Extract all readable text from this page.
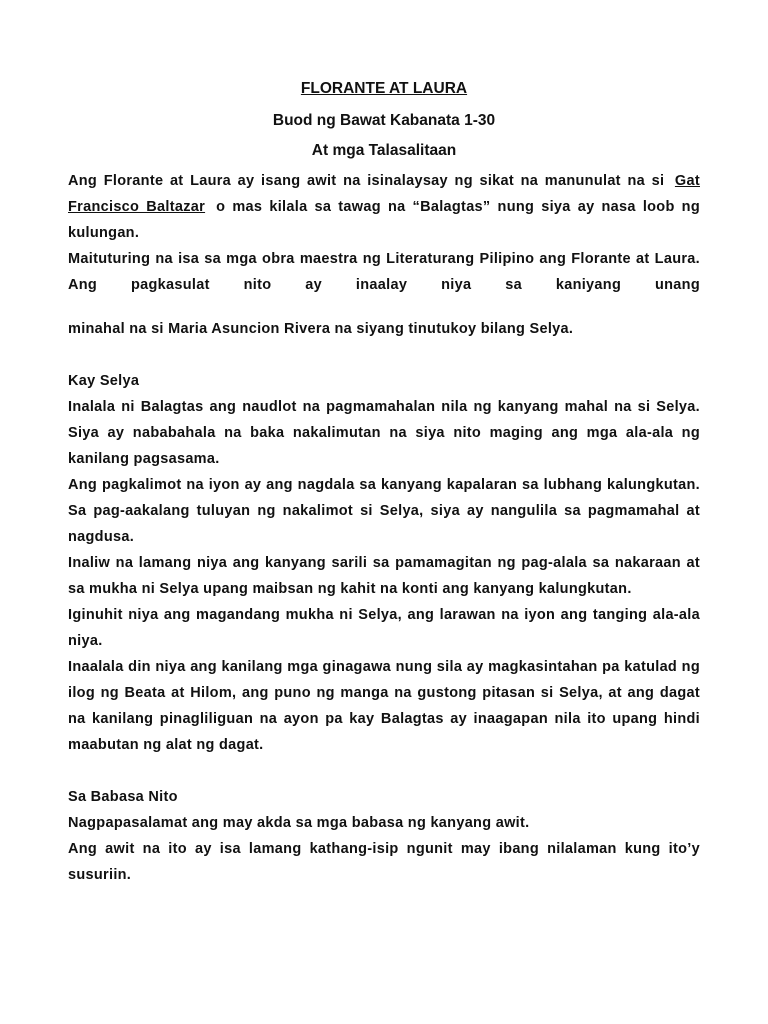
FLORANTE AT LAURA
Buod ng Bawat Kabanata 1-30
At mga Talasalitaan

Ang Florante at Laura ay isang awit na isinalaysay ng sikat na manunulat na si Gat Francisco Baltazar o mas kilala sa tawag na “Balagtas” nung siya ay nasa loob ng kulungan.

Maituturing na isa sa mga obra maestra ng Literaturang Pilipino ang Florante at Laura. Ang pagkasulat nito ay inaalay niya sa kaniyang unang

minahal na si Maria Asuncion Rivera na siyang tinutukoy bilang Selya.

Kay Selya

Inalala ni Balagtas ang naudlot na pagmamahalan nila ng kanyang mahal na si Selya. Siya ay nababahala na baka nakalimutan na siya nito maging ang mga ala-ala ng kanilang pagsasama.

Ang pagkalimot na iyon ay ang nagdala sa kanyang kapalaran sa lubhang kalungkutan. Sa pag-aakalang tuluyan ng nakalimot si Selya, siya ay nangulila sa pagmamahal at nagdusa.

Inaliw na lamang niya ang kanyang sarili sa pamamagitan ng pag-alala sa nakaraan at sa mukha ni Selya upang maibsan ng kahit na konti ang kanyang kalungkutan.

Iginuhit niya ang magandang mukha ni Selya, ang larawan na iyon ang tanging ala-ala niya.

Inaalala din niya ang kanilang mga ginagawa nung sila ay magkasintahan pa katulad ng ilog ng Beata at Hilom, ang puno ng manga na gustong pitasan si Selya, at ang dagat na kanilang pinagliliguan na ayon pa kay Balagtas ay inaagapan nila ito upang hindi maabutan ng alat ng dagat.

Sa Babasa Nito

Nagpapasalamat ang may akda sa mga babasa ng kanyang awit.

Ang awit na ito ay isa lamang kathang-isip ngunit may ibang nilalaman kung ito’y susuriin.
